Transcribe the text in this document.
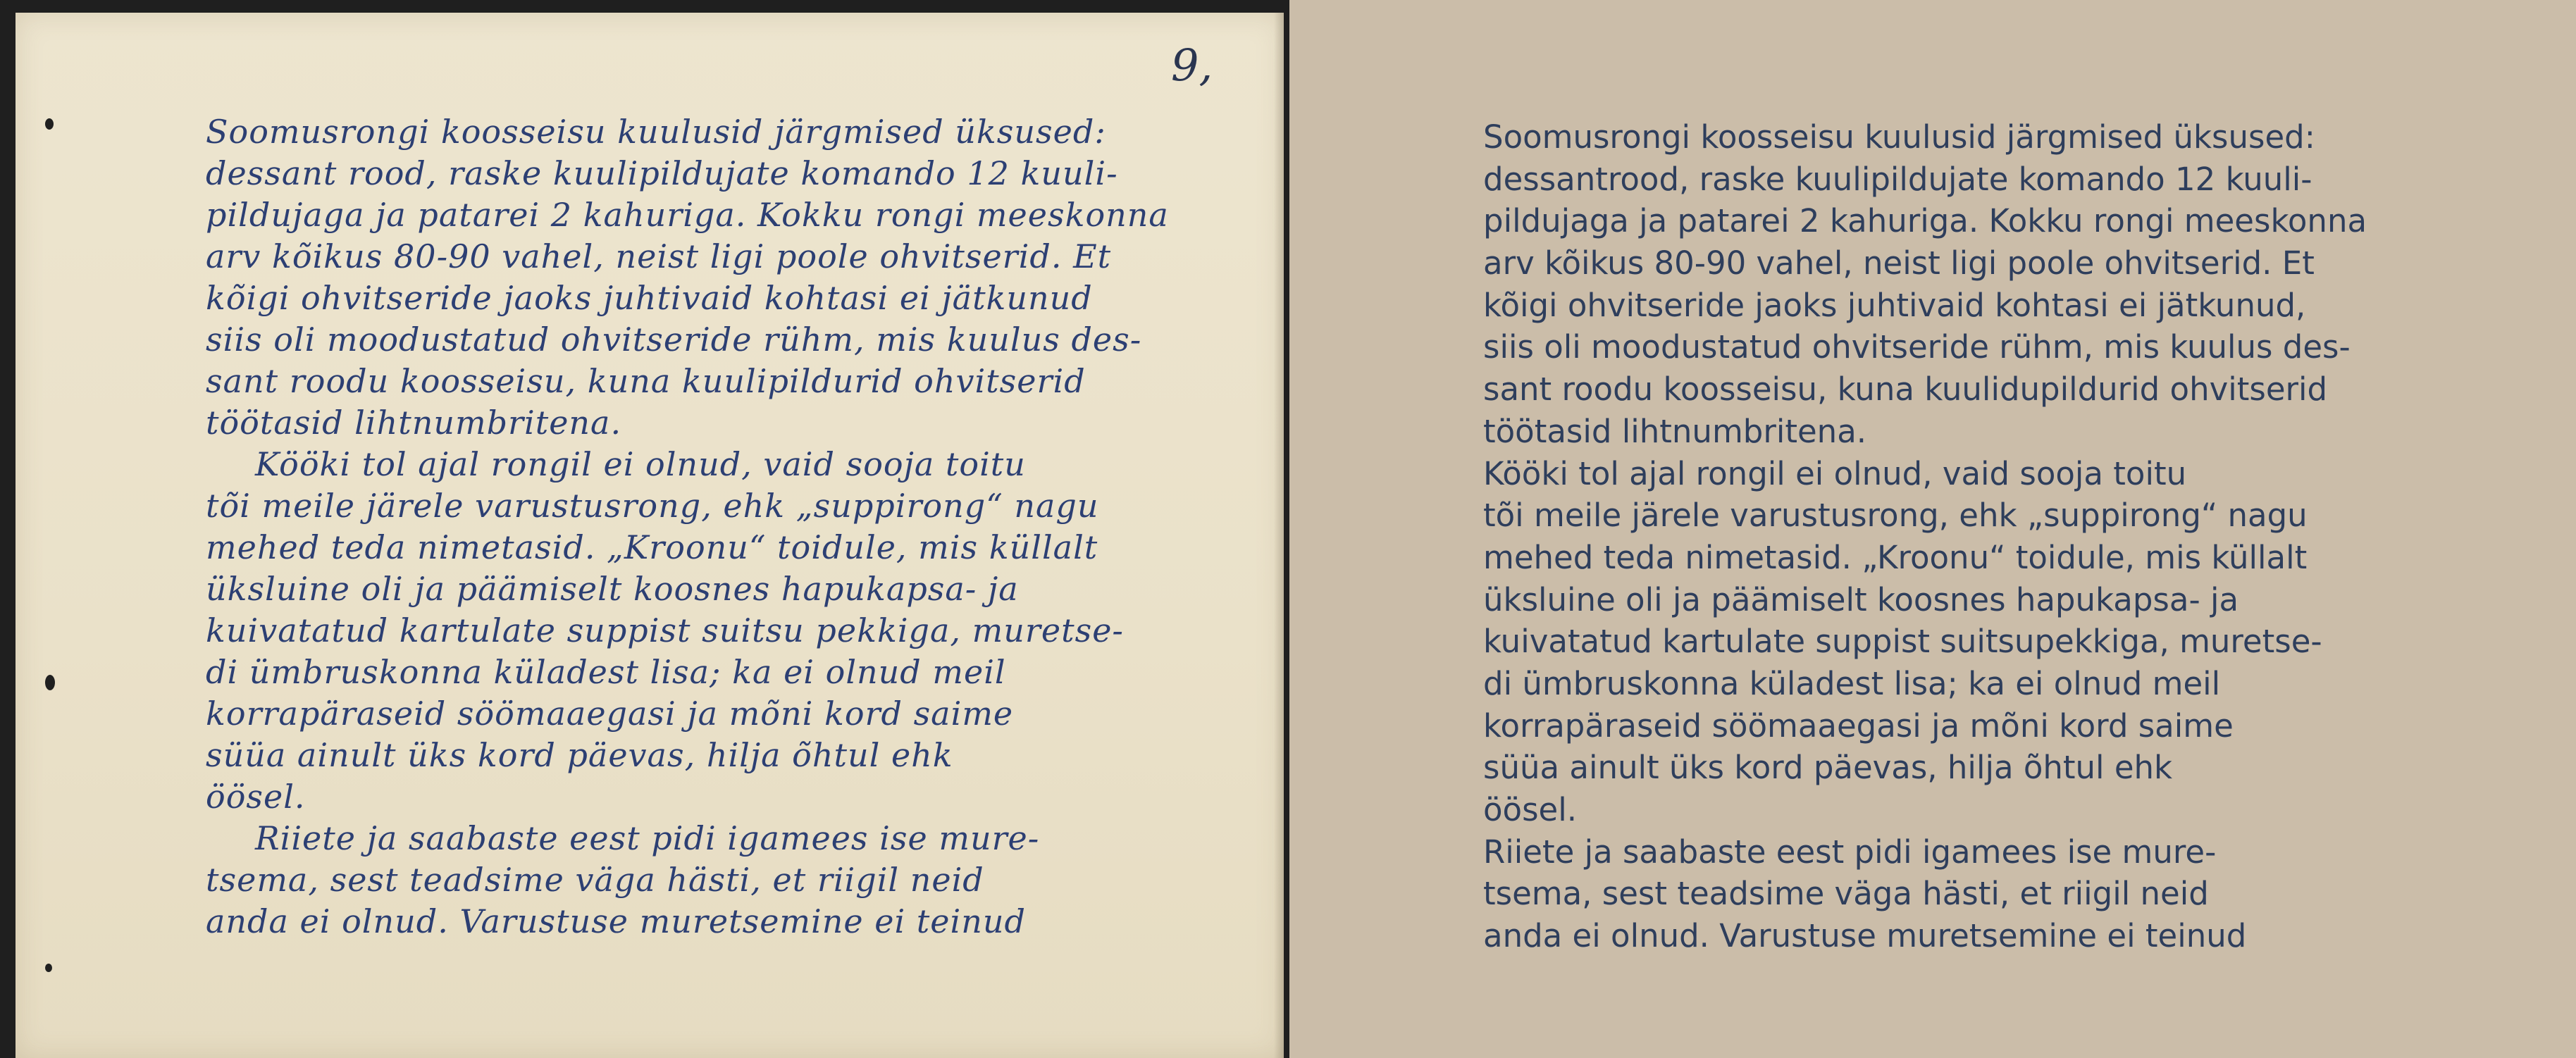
9,
Soomusrongi koosseisu kuulusid järgmised üksused:
dessant rood, raske kuulipildujate komando 12 kuuli-
pildujaga ja patarei 2 kahuriga. Kokku rongi meeskonna
arv kõikus 80-90 vahel, neist ligi poole ohvitserid. Et
kõigi ohvitseride jaoks juhtivaid kohtasi ei jätkunud
siis oli moodustatud ohvitseride rühm, mis kuulus des-
sant roodu koosseisu, kuna kuulipildurid ohvitserid
töötasid lihtnumbritena.
Kööki tol ajal rongil ei olnud, vaid sooja toitu
tõi meile järele varustusrong, ehk „suppirong“ nagu
mehed teda nimetasid. „Kroonu“ toidule, mis küllalt
üksluine oli ja päämiselt koosnes hapukapsa- ja
kuivatatud kartulate suppist suitsu pekkiga, muretse-
di ümbruskonna küladest lisa; ka ei olnud meil
korrapäraseid söömaaegasi ja mõni kord saime
süüa ainult üks kord päevas, hilja õhtul ehk
öösel.
Riiete ja saabaste eest pidi igamees ise mure-
tsema, sest teadsime väga hästi, et riigil neid
anda ei olnud. Varustuse muretsemine ei teinud
Soomusrongi koosseisu kuulusid järgmised üksused:
dessantrood, raske kuulipildujate komando 12 kuuli-
pildujaga ja patarei 2 kahuriga. Kokku rongi meeskonna
arv kõikus 80-90 vahel, neist ligi poole ohvitserid. Et
kõigi ohvitseride jaoks juhtivaid kohtasi ei jätkunud,
siis oli moodustatud ohvitseride rühm, mis kuulus des-
sant roodu koosseisu, kuna kuulidupildurid ohvitserid
töötasid lihtnumbritena.
Kööki tol ajal rongil ei olnud, vaid sooja toitu
tõi meile järele varustusrong, ehk „suppirong“ nagu
mehed teda nimetasid. „Kroonu“ toidule, mis küllalt
üksluine oli ja päämiselt koosnes hapukapsa- ja
kuivatatud kartulate suppist suitsupekkiga, muretse-
di ümbruskonna küladest lisa; ka ei olnud meil
korrapäraseid söömaaegasi ja mõni kord saime
süüa ainult üks kord päevas, hilja õhtul ehk
öösel.
Riiete ja saabaste eest pidi igamees ise mure-
tsema, sest teadsime väga hästi, et riigil neid
anda ei olnud. Varustuse muretsemine ei teinud
